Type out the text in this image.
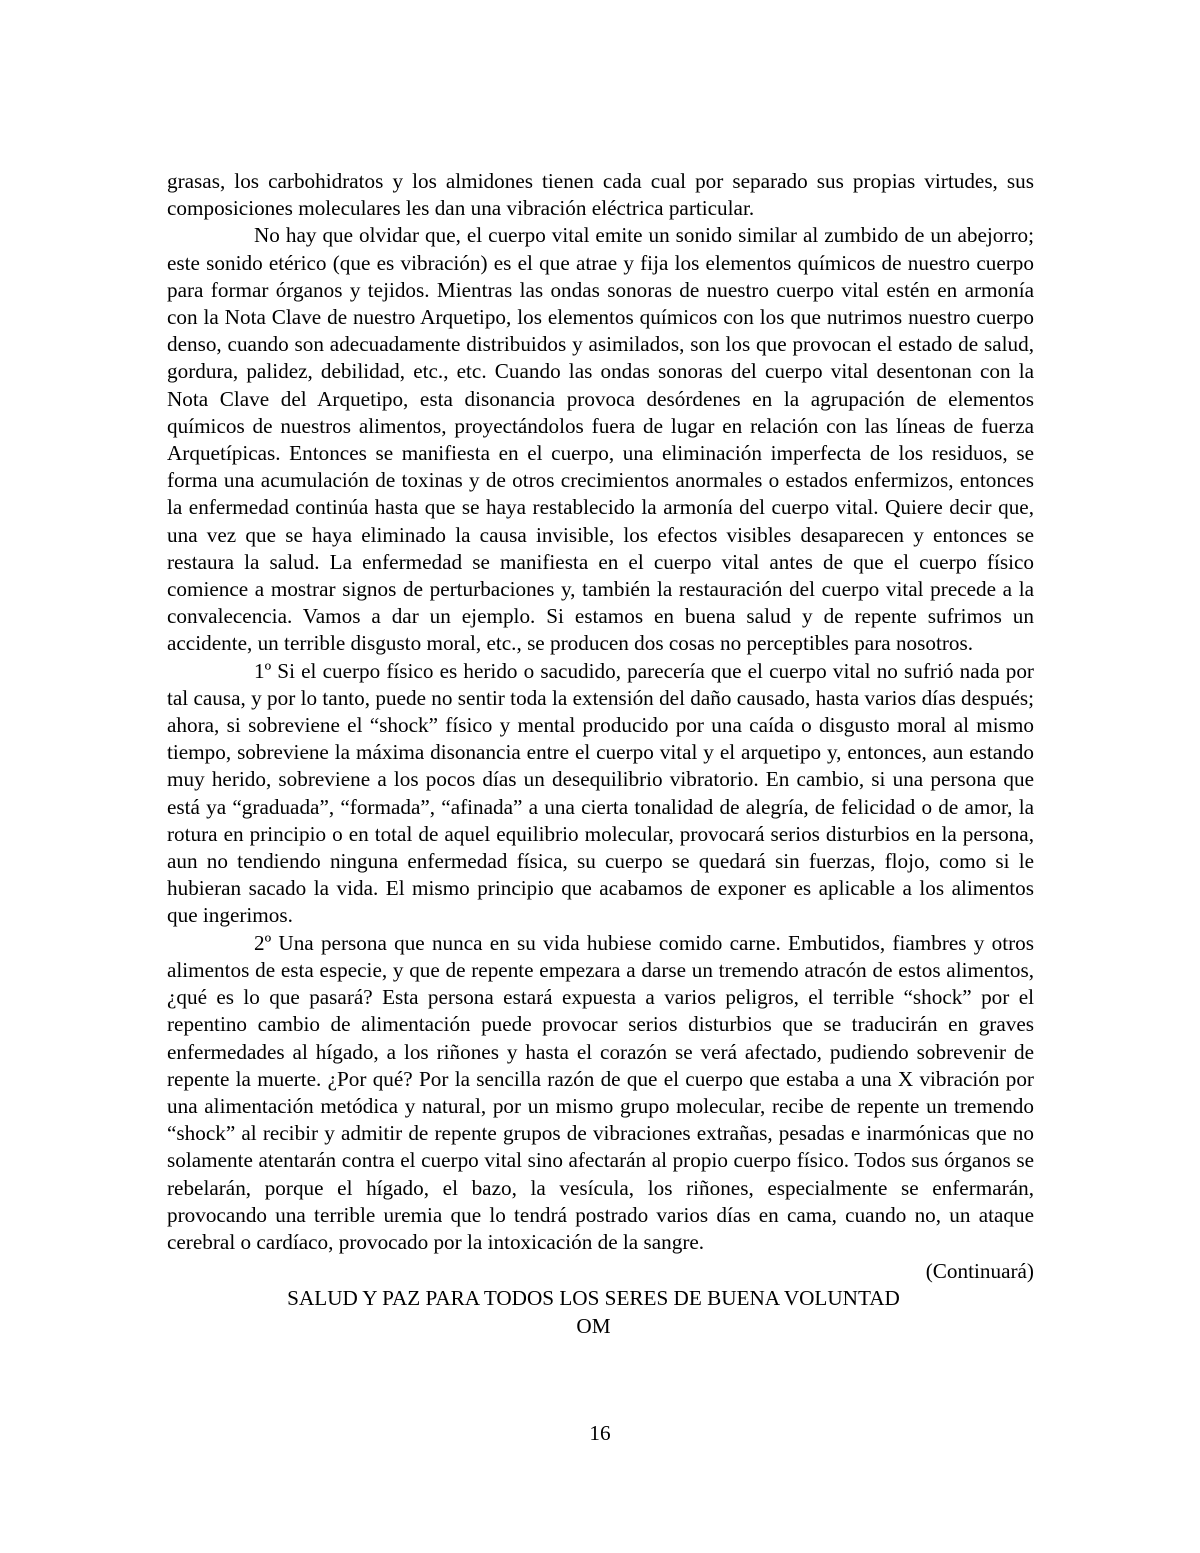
grasas, los carbohidratos y los almidones tienen cada cual por separado sus propias virtudes, sus composiciones moleculares les dan una vibración eléctrica particular.

No hay que olvidar que, el cuerpo vital emite un sonido similar al zumbido de un abejorro; este sonido etérico (que es vibración) es el que atrae y fija los elementos químicos de nuestro cuerpo para formar órganos y tejidos. Mientras las ondas sonoras de nuestro cuerpo vital estén en armonía con la Nota Clave de nuestro Arquetipo, los elementos químicos con los que nutrimos nuestro cuerpo denso, cuando son adecuadamente distribuidos y asimilados, son los que provocan el estado de salud, gordura, palidez, debilidad, etc., etc. Cuando las ondas sonoras del cuerpo vital desentonan con la Nota Clave del Arquetipo, esta disonancia provoca desórdenes en la agrupación de elementos químicos de nuestros alimentos, proyectándolos fuera de lugar en relación con las líneas de fuerza Arquetípicas. Entonces se manifiesta en el cuerpo, una eliminación imperfecta de los residuos, se forma una acumulación de toxinas y de otros crecimientos anormales o estados enfermizos, entonces la enfermedad continúa hasta que se haya restablecido la armonía del cuerpo vital. Quiere decir que, una vez que se haya eliminado la causa invisible, los efectos visibles desaparecen y entonces se restaura la salud. La enfermedad se manifiesta en el cuerpo vital antes de que el cuerpo físico comience a mostrar signos de perturbaciones y, también la restauración del cuerpo vital precede a la convalecencia. Vamos a dar un ejemplo. Si estamos en buena salud y de repente sufrimos un accidente, un terrible disgusto moral, etc., se producen dos cosas no perceptibles para nosotros.

1º Si el cuerpo físico es herido o sacudido, parecería que el cuerpo vital no sufrió nada por tal causa, y por lo tanto, puede no sentir toda la extensión del daño causado, hasta varios días después; ahora, si sobreviene el “shock” físico y mental producido por una caída o disgusto moral al mismo tiempo, sobreviene la máxima disonancia entre el cuerpo vital y el arquetipo y, entonces, aun estando muy herido, sobreviene a los pocos días un desequilibrio vibratorio. En cambio, si una persona que está ya “graduada”, “formada”, “afinada” a una cierta tonalidad de alegría, de felicidad o de amor, la rotura en principio o en total de aquel equilibrio molecular, provocará serios disturbios en la persona, aun no tendiendo ninguna enfermedad física, su cuerpo se quedará sin fuerzas, flojo, como si le hubieran sacado la vida. El mismo principio que acabamos de exponer es aplicable a los alimentos que ingerimos.

2º Una persona que nunca en su vida hubiese comido carne. Embutidos, fiambres y otros alimentos de esta especie, y que de repente empezara a darse un tremendo atracón de estos alimentos, ¿qué es lo que pasará? Esta persona estará expuesta a varios peligros, el terrible “shock” por el repentino cambio de alimentación puede provocar serios disturbios que se traducirán en graves enfermedades al hígado, a los riñones y hasta el corazón se verá afectado, pudiendo sobrevenir de repente la muerte. ¿Por qué? Por la sencilla razón de que el cuerpo que estaba a una X vibración por una alimentación metódica y natural, por un mismo grupo molecular, recibe de repente un tremendo “shock” al recibir y admitir de repente grupos de vibraciones extrañas, pesadas e inarmónicas que no solamente atentarán contra el cuerpo vital sino afectarán al propio cuerpo físico. Todos sus órganos se rebelarán, porque el hígado, el bazo, la vesícula, los riñones, especialmente se enfermarán, provocando una terrible uremia que lo tendrá postrado varios días en cama, cuando no, un ataque cerebral o cardíaco, provocado por la intoxicación de la sangre.

(Continuará)

SALUD Y PAZ PARA TODOS LOS SERES DE BUENA VOLUNTAD

OM

16
